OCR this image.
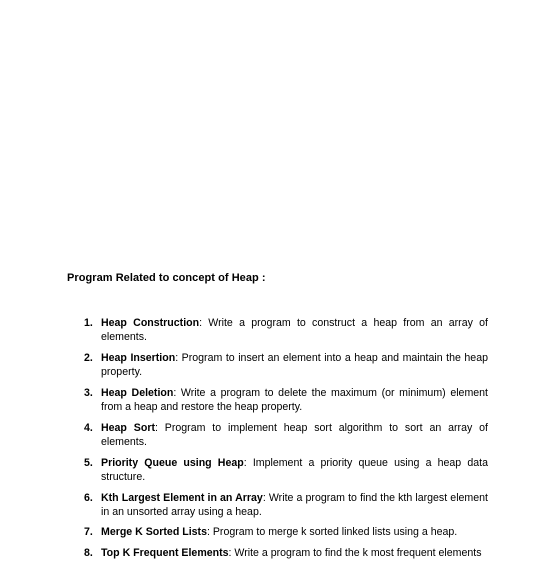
Program Related to concept of Heap :
1. Heap Construction: Write a program to construct a heap from an array of elements.
2. Heap Insertion: Program to insert an element into a heap and maintain the heap property.
3. Heap Deletion: Write a program to delete the maximum (or minimum) element from a heap and restore the heap property.
4. Heap Sort: Program to implement heap sort algorithm to sort an array of elements.
5. Priority Queue using Heap: Implement a priority queue using a heap data structure.
6. Kth Largest Element in an Array: Write a program to find the kth largest element in an unsorted array using a heap.
7. Merge K Sorted Lists: Program to merge k sorted linked lists using a heap.
8. Top K Frequent Elements: Write a program to find the k most frequent elements
